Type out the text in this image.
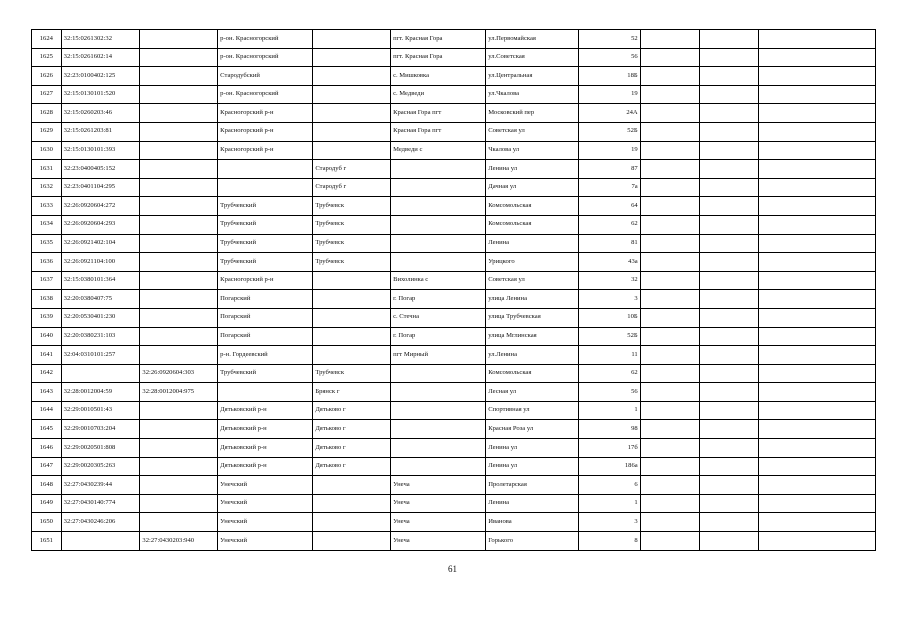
1624	32:15:0261302:32		р-он. Красногорский		пгт. Красная Гора	ул.Первомайская	52			
1625	32:15:0261602:14		р-он. Красногорский		пгт. Красная Гора	ул.Советская	56			
1626	32:23:0100402:125		Стародубский		с. Мишковка	ул.Центральная	18Б			
1627	32:15:0130101:520		р-он. Красногорский		с. Медведи	ул.Чкалова	19			
1628	32:15:0260203:46		Красногорский р-н		Красная Гора пгт	Московский пер	24А			
1629	32:15:0261203:81		Красногорский р-н		Красная Гора пгт	Советская ул	52Б			
1630	32:15:0130101:393		Красногорский р-н		Медведи с	Чкалова ул	19			
1631	32:23:0400405:152			Стародуб г		Ленина ул	87			
1632	32:23:0401104:295			Стародуб г		Дачная ул	7а			
1633	32:26:0920604:272		Трубчевский	Трубчевск		Комсомольская	64			
1634	32:26:0920604:293		Трубчевский	Трубчевск		Комсомольская	62			
1635	32:26:0921402:104		Трубчевский	Трубчевск		Ленина	81			
1636	32:26:0921104:100		Трубчевский	Трубчевск		Урицкого	43а			
1637	32:15:0380101:364		Красногорский р-н		Вихолинка с	Советская ул	32			
1638	32:20:0380407:75		Погарский		г. Погар	улица Ленина	3			
1639	32:20:0530401:230		Погарский		с. Стечна	улица Трубчевская	10Б			
1640	32:20:0380231:103		Погарский		г. Погар	улица Мглинская	52Б			
1641	32:04:0310101:257		р-н. Гордеевский		пгт Мирный	ул.Ленина	11			
1642		32:26:0920604:303	Трубчевский	Трубчевск		Комсомольская	62			
1643	32:28:0012004:59	32:28:0012004:975		Брянск г		Лесная ул	56			
1644	32:29:0010501:43		Дятьковский р-н	Дятьково г		Спортивная ул	1			
1645	32:29:0010703:204		Дятьковский р-н	Дятьково г		Красная Роза ул	98			
1646	32:29:0020501:808		Дятьковский р-н	Дятьково г		Ленина ул	17б			
1647	32:29:0020305:263		Дятьковский р-н	Дятьково г		Ленина ул	186а			
1648	32:27:0430239:44		Унечский		Унеча	Пролетарская	6			
1649	32:27:0430140:774		Унечский		Унеча	Ленина	1			
1650	32:27:0430246:206		Унечский		Унеча	Иванова	3			
1651		32:27:0430203:940	Унечский		Унеча	Горького	8			
61
